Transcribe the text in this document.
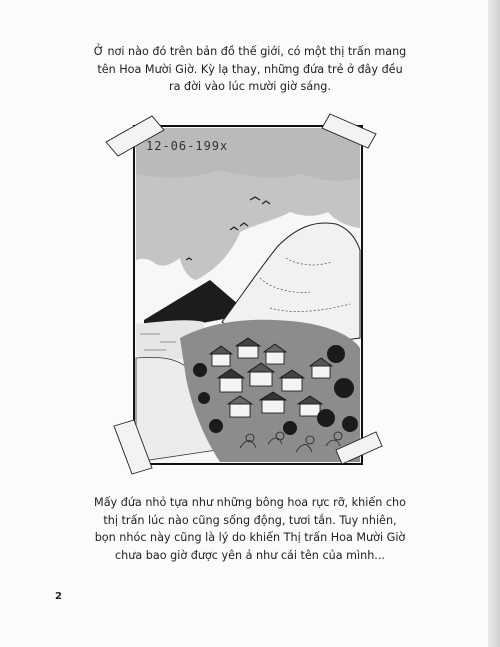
Ở nơi nào đó trên bản đồ thế giới, có một thị trấn mang
tên Hoa Mười Giờ. Kỳ lạ thay, những đứa trẻ ở đây đều
ra đời vào lúc mười giờ sáng.
12-06-199x
Mấy đứa nhỏ tựa như những bông hoa rực rỡ, khiến cho
thị trấn lúc nào cũng sống động, tươi tắn. Tuy nhiên,
bọn nhóc này cũng là lý do khiến Thị trấn Hoa Mười Giờ
chưa bao giờ được yên ả như cái tên của mình...
2
